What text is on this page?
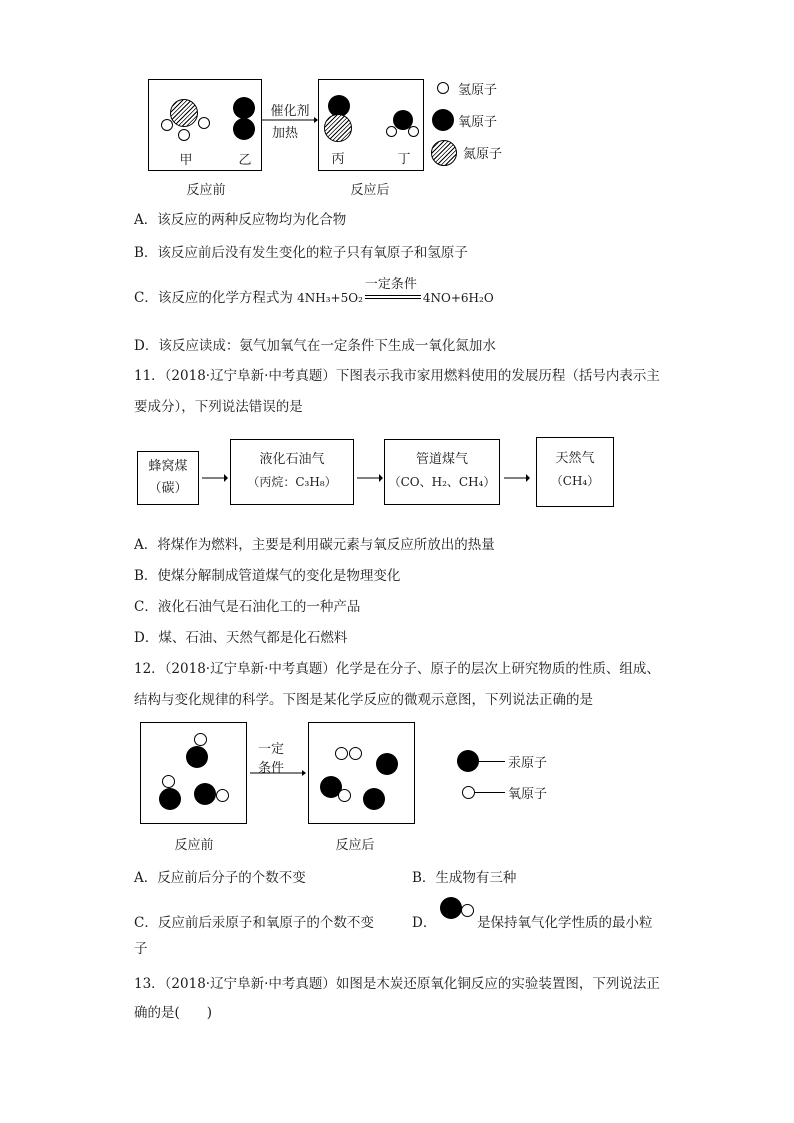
甲	乙
催化剂
加热
丙	丁
反应前	反应后
氢原子
氧原子
氮原子
A．该反应的两种反应物均为化合物
B．该反应前后没有发生变化的粒子只有氧原子和氢原子
C．该反应的化学方程式为 4NH₃+5O₂
一定条件
4NO+6H₂O
D．该反应读成：氨气加氧气在一定条件下生成一氧化氮加水
11．（2018·辽宁阜新·中考真题）下图表示我市家用燃料使用的发展历程（括号内表示主
要成分），下列说法错误的是
蜂窝煤
（碳）
液化石油气
（丙烷：C₃H₈）
管道煤气
（CO、H₂、CH₄）
天然气
（CH₄）
A．将煤作为燃料，主要是利用碳元素与氧反应所放出的热量
B．使煤分解制成管道煤气的变化是物理变化
C．液化石油气是石油化工的一种产品
D．煤、石油、天然气都是化石燃料
12．（2018·辽宁阜新·中考真题）化学是在分子、原子的层次上研究物质的性质、组成、
结构与变化规律的科学。下图是某化学反应的微观示意图，下列说法正确的是
一定
条件
反应前	反应后
汞原子
氧原子
A．反应前后分子的个数不变	B．生成物有三种
C．反应前后汞原子和氧原子的个数不变
子
D．	是保持氧气化学性质的最小粒
13．（2018·辽宁阜新·中考真题）如图是木炭还原氧化铜反应的实验装置图，下列说法正
确的是(　　)
